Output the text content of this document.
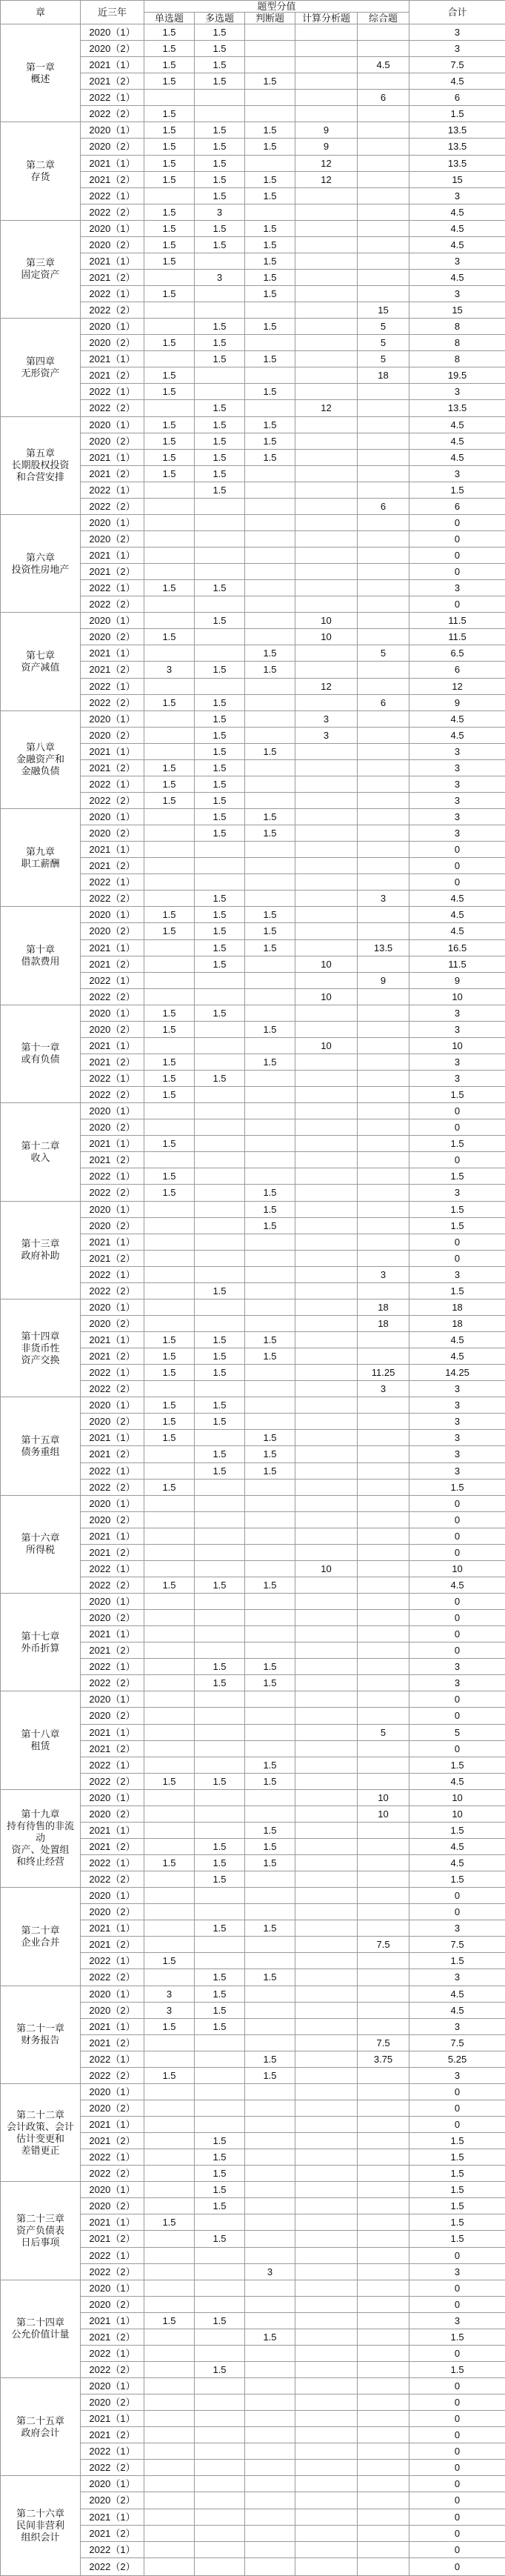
章	近三年	题型分值					合计
		单选题	多选题	判断题	计算分析题	综合题	

第一章
概述	2020（1）	1.5	1.5				3
	2020（2）	1.5	1.5				3
	2021（1）	1.5	1.5			4.5	7.5
	2021（2）	1.5	1.5	1.5			4.5
	2022（1）					6	6
	2022（2）	1.5					1.5

第二章
存货	2020（1）	1.5	1.5	1.5	9		13.5
	2020（2）	1.5	1.5	1.5	9		13.5
	2021（1）	1.5	1.5		12		13.5
	2021（2）	1.5	1.5	1.5	12		15
	2022（1）		1.5	1.5			3
	2022（2）	1.5	3				4.5

第三章
固定资产	2020（1）	1.5	1.5	1.5			4.5
	2020（2）	1.5	1.5	1.5			4.5
	2021（1）	1.5		1.5			3
	2021（2）		3	1.5			4.5
	2022（1）	1.5		1.5			3
	2022（2）					15	15

第四章
无形资产	2020（1）		1.5	1.5		5	8
	2020（2）	1.5	1.5			5	8
	2021（1）		1.5	1.5		5	8
	2021（2）	1.5				18	19.5
	2022（1）	1.5		1.5			3
	2022（2）		1.5		12		13.5

第五章
长期股权投资
和合营安排	2020（1）	1.5	1.5	1.5			4.5
	2020（2）	1.5	1.5	1.5			4.5
	2021（1）	1.5	1.5	1.5			4.5
	2021（2）	1.5	1.5				3
	2022（1）		1.5				1.5
	2022（2）					6	6

第六章
投资性房地产	2020（1）						0
	2020（2）						0
	2021（1）						0
	2021（2）						0
	2022（1）	1.5	1.5				3
	2022（2）						0

第七章
资产减值	2020（1）		1.5		10		11.5
	2020（2）	1.5			10		11.5
	2021（1）			1.5		5	6.5
	2021（2）	3	1.5	1.5			6
	2022（1）				12		12
	2022（2）	1.5	1.5			6	9

第八章
金融资产和
金融负债	2020（1）		1.5		3		4.5
	2020（2）		1.5		3		4.5
	2021（1）		1.5	1.5			3
	2021（2）	1.5	1.5				3
	2022（1）	1.5	1.5				3
	2022（2）	1.5	1.5				3

第九章
职工薪酬	2020（1）		1.5	1.5			3
	2020（2）		1.5	1.5			3
	2021（1）						0
	2021（2）						0
	2022（1）						0
	2022（2）		1.5			3	4.5

第十章
借款费用	2020（1）	1.5	1.5	1.5			4.5
	2020（2）	1.5	1.5	1.5			4.5
	2021（1）		1.5	1.5		13.5	16.5
	2021（2）		1.5		10		11.5
	2022（1）					9	9
	2022（2）				10		10

第十一章
或有负债	2020（1）	1.5	1.5				3
	2020（2）	1.5		1.5			3
	2021（1）				10		10
	2021（2）	1.5		1.5			3
	2022（1）	1.5	1.5				3
	2022（2）	1.5					1.5

第十二章
收入	2020（1）						0
	2020（2）						0
	2021（1）	1.5					1.5
	2021（2）						0
	2022（1）	1.5					1.5
	2022（2）	1.5		1.5			3

第十三章
政府补助	2020（1）			1.5			1.5
	2020（2）			1.5			1.5
	2021（1）						0
	2021（2）						0
	2022（1）					3	3
	2022（2）		1.5				1.5

第十四章
非货币性
资产交换	2020（1）					18	18
	2020（2）					18	18
	2021（1）	1.5	1.5	1.5			4.5
	2021（2）	1.5	1.5	1.5			4.5
	2022（1）	1.5	1.5			11.25	14.25
	2022（2）					3	3

第十五章
债务重组	2020（1）	1.5	1.5				3
	2020（2）	1.5	1.5				3
	2021（1）	1.5		1.5			3
	2021（2）		1.5	1.5			3
	2022（1）		1.5	1.5			3
	2022（2）	1.5					1.5

第十六章
所得税	2020（1）						0
	2020（2）						0
	2021（1）						0
	2021（2）						0
	2022（1）				10		10
	2022（2）	1.5	1.5	1.5			4.5

第十七章
外币折算	2020（1）						0
	2020（2）						0
	2021（1）						0
	2021（2）						0
	2022（1）		1.5	1.5			3
	2022（2）		1.5	1.5			3

第十八章
租赁	2020（1）						0
	2020（2）						0
	2021（1）					5	5
	2021（2）						0
	2022（1）			1.5			1.5
	2022（2）	1.5	1.5	1.5			4.5

第十九章
持有待售的非流动
资产、处置组
和终止经营	2020（1）					10	10
	2020（2）					10	10
	2021（1）			1.5			1.5
	2021（2）		1.5	1.5			4.5
	2022（1）	1.5	1.5	1.5			4.5
	2022（2）		1.5				1.5

第二十章
企业合并	2020（1）						0
	2020（2）						0
	2021（1）		1.5	1.5			3
	2021（2）					7.5	7.5
	2022（1）	1.5					1.5
	2022（2）		1.5	1.5			3

第二十一章
财务报告	2020（1）	3	1.5				4.5
	2020（2）	3	1.5				4.5
	2021（1）	1.5	1.5				3
	2021（2）					7.5	7.5
	2022（1）			1.5		3.75	5.25
	2022（2）	1.5		1.5			3

第二十二章
会计政策、会计
估计变更和
差错更正	2020（1）						0
	2020（2）						0
	2021（1）						0
	2021（2）		1.5				1.5
	2022（1）		1.5				1.5
	2022（2）		1.5				1.5

第二十三章
资产负债表
日后事项	2020（1）		1.5				1.5
	2020（2）		1.5				1.5
	2021（1）	1.5					1.5
	2021（2）		1.5				1.5
	2022（1）						0
	2022（2）			3			3

第二十四章
公允价值计量	2020（1）						0
	2020（2）						0
	2021（1）	1.5	1.5				3
	2021（2）			1.5			1.5
	2022（1）						0
	2022（2）		1.5				1.5

第二十五章
政府会计	2020（1）						0
	2020（2）						0
	2021（1）						0
	2021（2）						0
	2022（1）						0
	2022（2）						0

第二十六章
民间非营利
组织会计	2020（1）						0
	2020（2）						0
	2021（1）						0
	2021（2）						0
	2022（1）						0
	2022（2）						0
